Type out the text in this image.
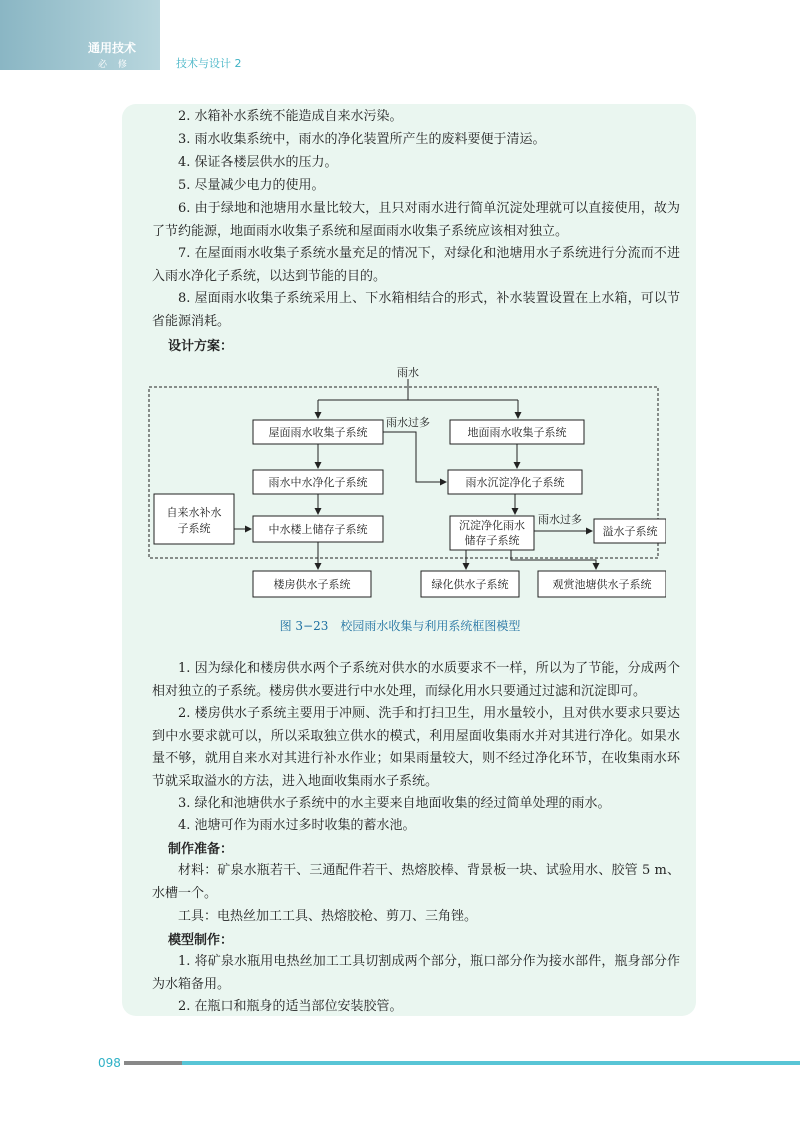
通用技术
必 修	技术与设计 2

2. 水箱补水系统不能造成自来水污染。

3. 雨水收集系统中，雨水的净化装置所产生的废料要便于清运。

4. 保证各楼层供水的压力。

5. 尽量减少电力的使用。

6. 由于绿地和池塘用水量比较大，且只对雨水进行简单沉淀处理就可以直接使用，故为了节约能源，地面雨水收集子系统和屋面雨水收集子系统应该相对独立。

7. 在屋面雨水收集子系统水量充足的情况下，对绿化和池塘用水子系统进行分流而不进入雨水净化子系统，以达到节能的目的。

8. 屋面雨水收集子系统采用上、下水箱相结合的形式，补水装置设置在上水箱，可以节省能源消耗。

设计方案：

雨水
屋面雨水收集子系统	地面雨水收集子系统
雨水过多
雨水中水净化子系统	雨水沉淀净化子系统
自来水补水
子系统	中水楼上储存子系统	沉淀净化雨水
储存子系统
雨水过多
溢水子系统
楼房供水子系统	绿化供水子系统	观赏池塘供水子系统
图 3−23　校园雨水收集与利用系统框图模型

1. 因为绿化和楼房供水两个子系统对供水的水质要求不一样，所以为了节能，分成两个相对独立的子系统。楼房供水要进行中水处理，而绿化用水只要通过过滤和沉淀即可。

2. 楼房供水子系统主要用于冲厕、洗手和打扫卫生，用水量较小，且对供水要求只要达到中水要求就可以，所以采取独立供水的模式，利用屋面收集雨水并对其进行净化。如果水量不够，就用自来水对其进行补水作业；如果雨量较大，则不经过净化环节，在收集雨水环节就采取溢水的方法，进入地面收集雨水子系统。

3. 绿化和池塘供水子系统中的水主要来自地面收集的经过简单处理的雨水。

4. 池塘可作为雨水过多时收集的蓄水池。

制作准备：

材料：矿泉水瓶若干、三通配件若干、热熔胶棒、背景板一块、试验用水、胶管 5 m、水槽一个。

工具：电热丝加工工具、热熔胶枪、剪刀、三角锉。

模型制作：

1. 将矿泉水瓶用电热丝加工工具切割成两个部分，瓶口部分作为接水部件，瓶身部分作为水箱备用。

2. 在瓶口和瓶身的适当部位安装胶管。

098
